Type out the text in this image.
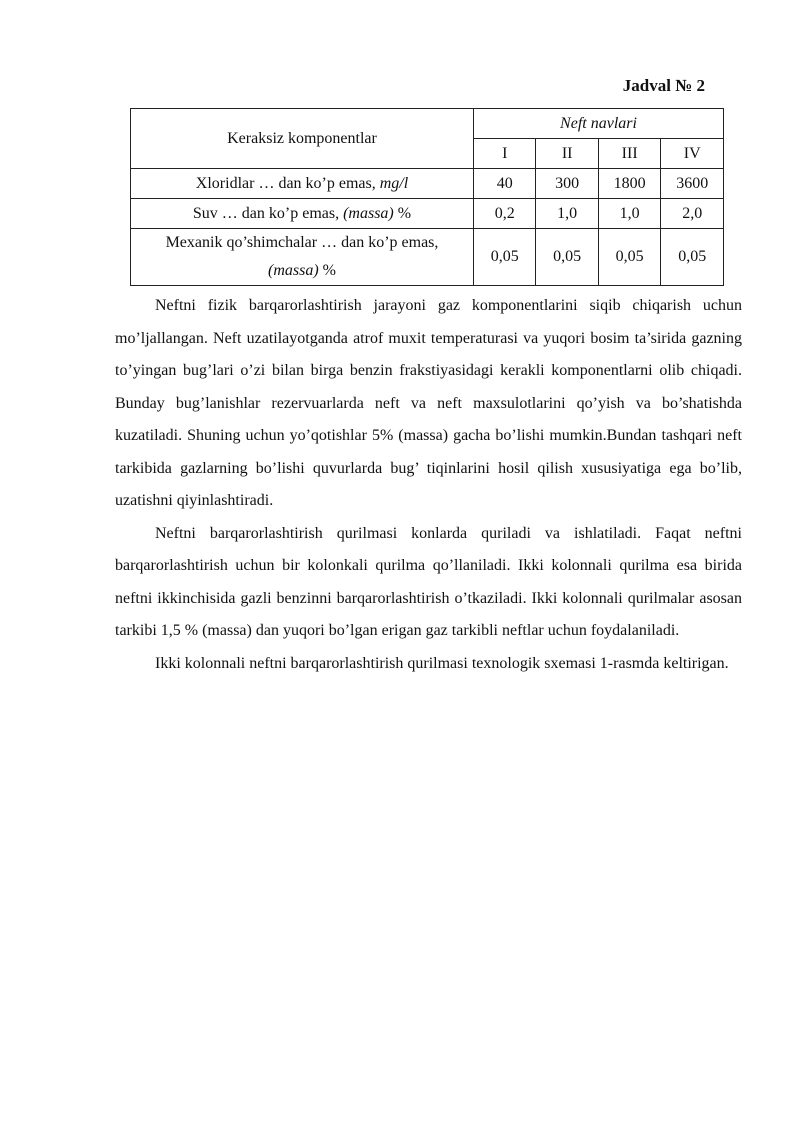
Jadval № 2
Keraksiz komponentlar	Neft navlari			
	I	II	III	IV
Xloridlar … dan ko’p emas, mg/l	40	300	1800	3600
Suv … dan ko’p emas, (massa) %	0,2	1,0	1,0	2,0
Mexanik qo’shimchalar … dan ko’p emas,
(massa) %	0,05	0,05	0,05	0,05

Neftni fizik barqarorlashtirish jarayoni gaz komponentlarini siqib chiqarish uchun mo’ljallangan. Neft uzatilayotganda atrof muxit temperaturasi va yuqori bosim ta’sirida gazning to’yingan bug’lari o’zi bilan birga benzin frakstiyasidagi kerakli komponentlarni olib chiqadi. Bunday bug’lanishlar rezervuarlarda neft va neft maxsulotlarini qo’yish va bo’shatishda kuzatiladi. Shuning uchun yo’qotishlar 5% (massa) gacha bo’lishi mumkin.Bundan tashqari neft tarkibida gazlarning bo’lishi quvurlarda bug’ tiqinlarini hosil qilish xususiyatiga ega bo’lib, uzatishni qiyinlashtiradi.

Neftni barqarorlashtirish qurilmasi konlarda quriladi va ishlatiladi. Faqat neftni barqarorlashtirish uchun bir kolonkali qurilma qo’llaniladi. Ikki kolonnali qurilma esa birida neftni ikkinchisida gazli benzinni barqarorlashtirish o’tkaziladi. Ikki kolonnali qurilmalar asosan tarkibi 1,5 % (massa) dan yuqori bo’lgan erigan gaz tarkibli neftlar uchun foydalaniladi.

Ikki kolonnali neftni barqarorlashtirish qurilmasi texnologik sxemasi 1-rasmda keltirigan.
